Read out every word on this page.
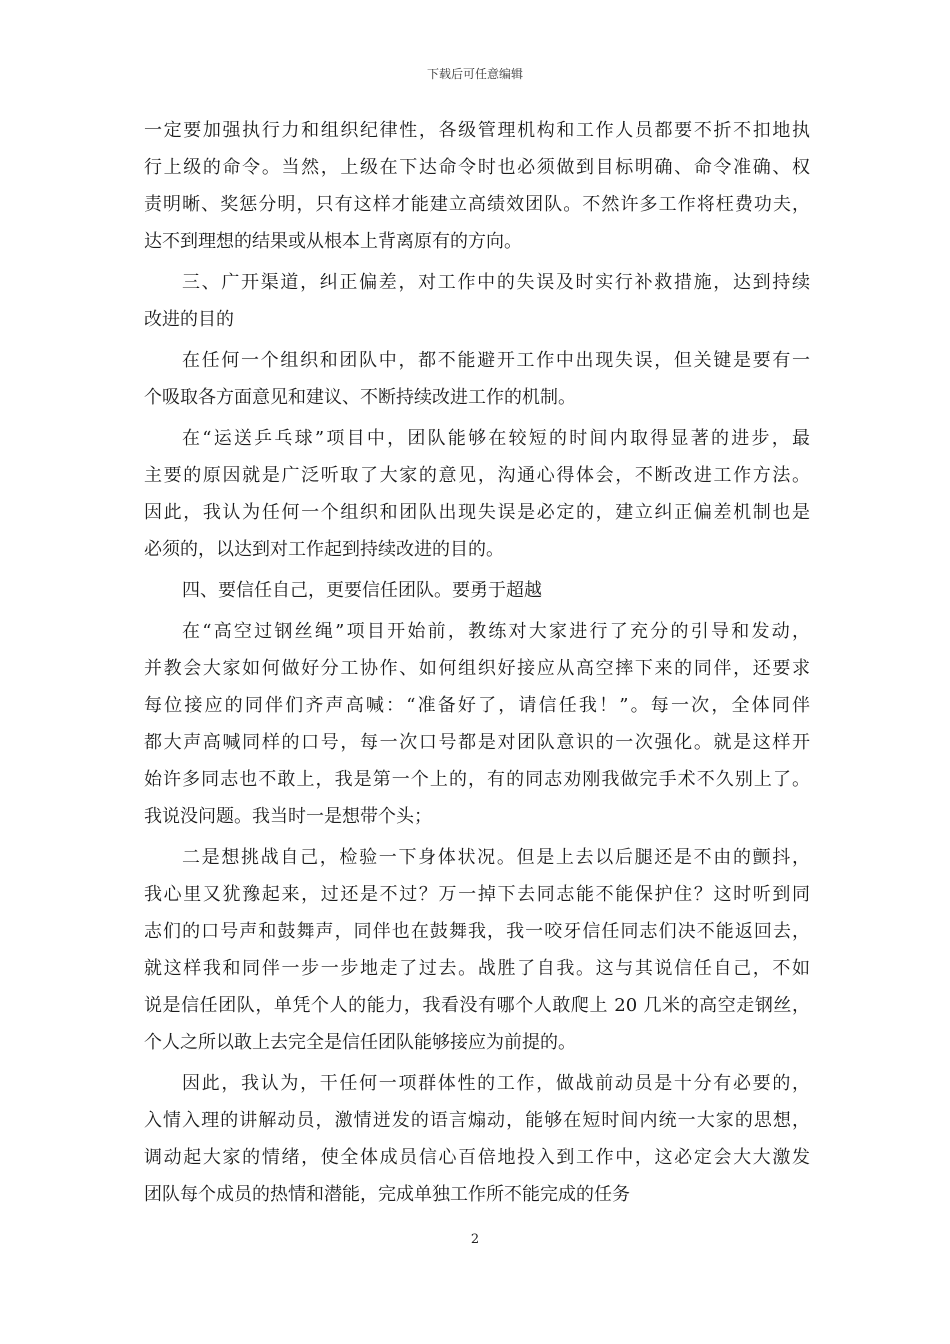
下载后可任意编辑
一定要加强执行力和组织纪律性，各级管理机构和工作人员都要不折不扣地执
行上级的命令。当然，上级在下达命令时也必须做到目标明确、命令准确、权
责明晰、奖惩分明，只有这样才能建立高绩效团队。不然许多工作将枉费功夫，
达不到理想的结果或从根本上背离原有的方向。
三、广开渠道，纠正偏差，对工作中的失误及时实行补救措施，达到持续
改进的目的
在任何一个组织和团队中，都不能避开工作中出现失误，但关键是要有一
个吸取各方面意见和建议、不断持续改进工作的机制。
在“运送乒乓球”项目中，团队能够在较短的时间内取得显著的进步，最
主要的原因就是广泛听取了大家的意见，沟通心得体会，不断改进工作方法。
因此，我认为任何一个组织和团队出现失误是必定的，建立纠正偏差机制也是
必须的，以达到对工作起到持续改进的目的。
四、要信任自己，更要信任团队。要勇于超越
在“高空过钢丝绳”项目开始前，教练对大家进行了充分的引导和发动，
并教会大家如何做好分工协作、如何组织好接应从高空摔下来的同伴，还要求
每位接应的同伴们齐声高喊：“准备好了，请信任我！”。每一次，全体同伴
都大声高喊同样的口号，每一次口号都是对团队意识的一次强化。就是这样开
始许多同志也不敢上，我是第一个上的，有的同志劝刚我做完手术不久别上了。
我说没问题。我当时一是想带个头；
二是想挑战自己，检验一下身体状况。但是上去以后腿还是不由的颤抖，
我心里又犹豫起来，过还是不过？万一掉下去同志能不能保护住？这时听到同
志们的口号声和鼓舞声，同伴也在鼓舞我，我一咬牙信任同志们决不能返回去，
就这样我和同伴一步一步地走了过去。战胜了自我。这与其说信任自己，不如
说是信任团队，单凭个人的能力，我看没有哪个人敢爬上 20 几米的高空走钢丝，
个人之所以敢上去完全是信任团队能够接应为前提的。
因此，我认为，干任何一项群体性的工作，做战前动员是十分有必要的，
入情入理的讲解动员，激情迸发的语言煽动，能够在短时间内统一大家的思想，
调动起大家的情绪，使全体成员信心百倍地投入到工作中，这必定会大大激发
团队每个成员的热情和潜能，完成单独工作所不能完成的任务
2
